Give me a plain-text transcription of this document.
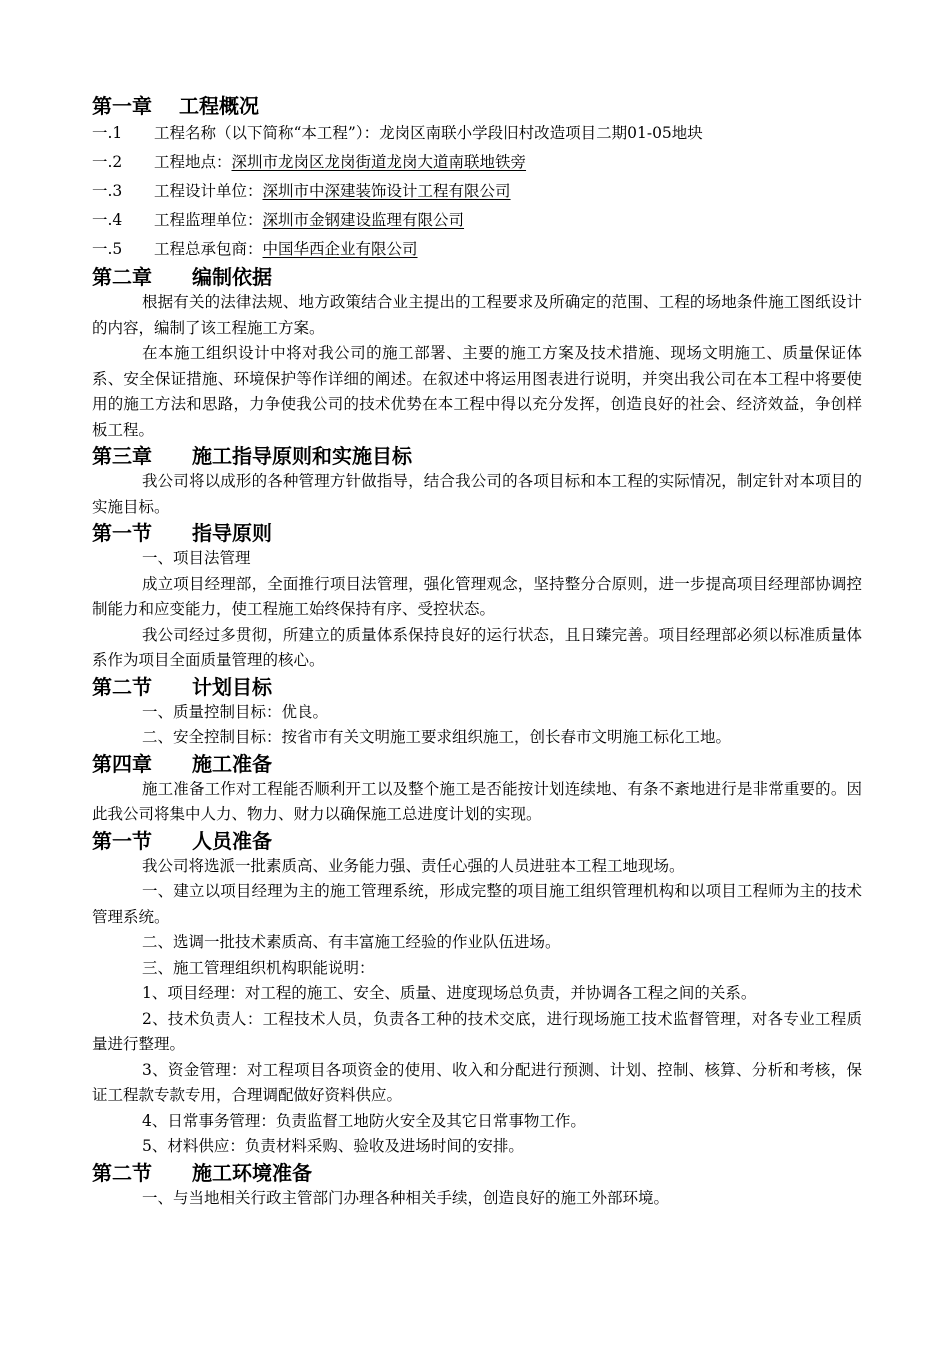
第一章　 工程概况
一.1 工程名称（以下简称“本工程”）：龙岗区南联小学段旧村改造项目二期01-05地块
一.2 工程地点：深圳市龙岗区龙岗街道龙岗大道南联地铁旁
一.3 工程设计单位：深圳市中深建装饰设计工程有限公司
一.4 工程监理单位：深圳市金钢建设监理有限公司
一.5 工程总承包商：中国华西企业有限公司
第二章　　编制依据

根据有关的法律法规、地方政策结合业主提出的工程要求及所确定的范围、工程的场地条件施工图纸设计的内容，编制了该工程施工方案。

在本施工组织设计中将对我公司的施工部署、主要的施工方案及技术措施、现场文明施工、质量保证体系、安全保证措施、环境保护等作详细的阐述。在叙述中将运用图表进行说明，并突出我公司在本工程中将要使用的施工方法和思路，力争使我公司的技术优势在本工程中得以充分发挥，创造良好的社会、经济效益，争创样板工程。

第三章　　施工指导原则和实施目标

我公司将以成形的各种管理方针做指导，结合我公司的各项目标和本工程的实际情况，制定针对本项目的实施目标。

第一节　　指导原则

一、项目法管理

成立项目经理部，全面推行项目法管理，强化管理观念，坚持整分合原则，进一步提高项目经理部协调控制能力和应变能力，使工程施工始终保持有序、受控状态。

我公司经过多贯彻，所建立的质量体系保持良好的运行状态，且日臻完善。项目经理部必须以标准质量体系作为项目全面质量管理的核心。

第二节　　计划目标

一、质量控制目标：优良。

二、安全控制目标：按省市有关文明施工要求组织施工，创长春市文明施工标化工地。

第四章　　施工准备

施工准备工作对工程能否顺利开工以及整个施工是否能按计划连续地、有条不紊地进行是非常重要的。因此我公司将集中人力、物力、财力以确保施工总进度计划的实现。

第一节　　人员准备

我公司将选派一批素质高、业务能力强、责任心强的人员进驻本工程工地现场。

一、建立以项目经理为主的施工管理系统，形成完整的项目施工组织管理机构和以项目工程师为主的技术管理系统。

二、选调一批技术素质高、有丰富施工经验的作业队伍进场。

三、施工管理组织机构职能说明：

1、项目经理：对工程的施工、安全、质量、进度现场总负责，并协调各工程之间的关系。

2、技术负责人：工程技术人员，负责各工种的技术交底，进行现场施工技术监督管理，对各专业工程质量进行整理。

3、资金管理：对工程项目各项资金的使用、收入和分配进行预测、计划、控制、核算、分析和考核，保证工程款专款专用，合理调配做好资料供应。

4、日常事务管理：负责监督工地防火安全及其它日常事物工作。

5、材料供应：负责材料采购、验收及进场时间的安排。

第二节　　施工环境准备

一、与当地相关行政主管部门办理各种相关手续，创造良好的施工外部环境。
